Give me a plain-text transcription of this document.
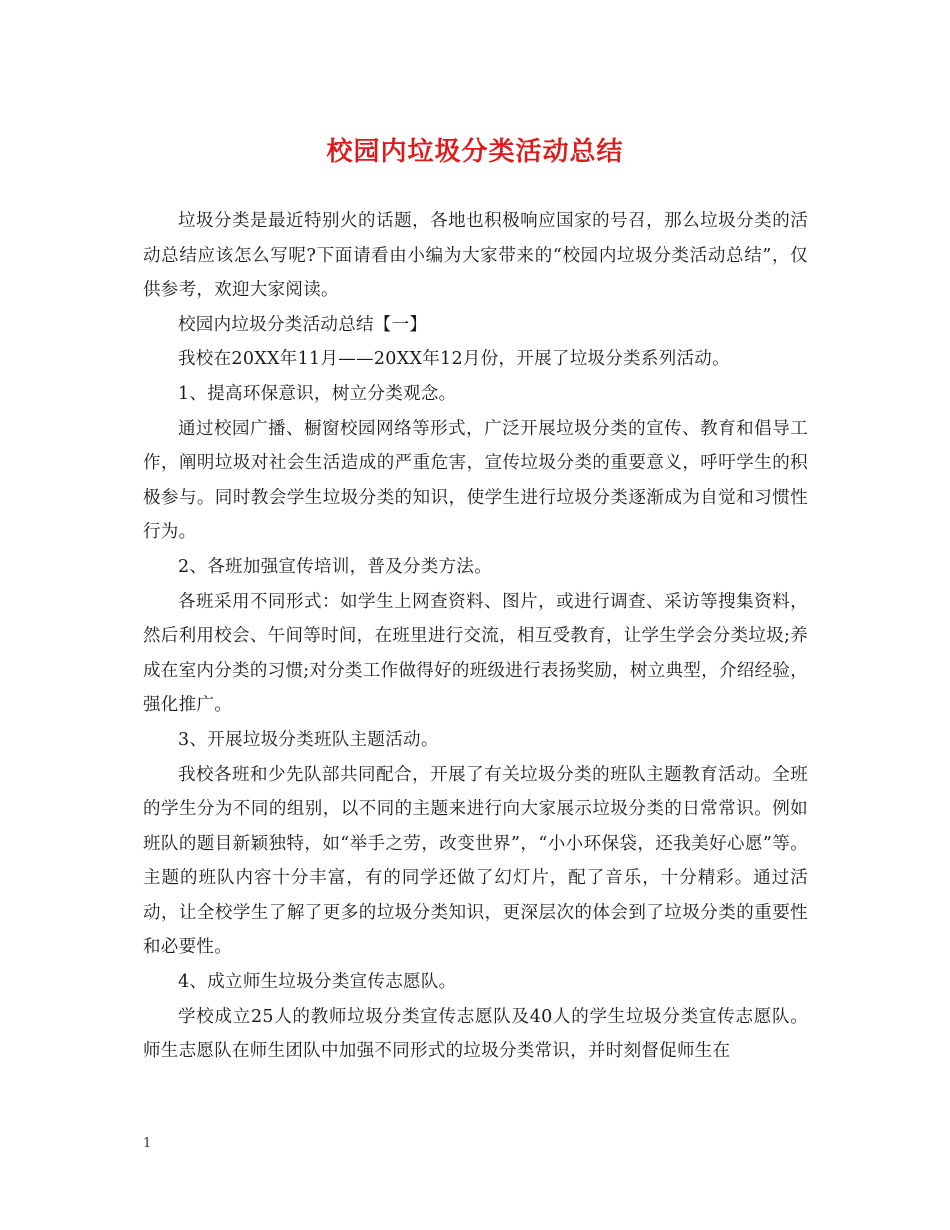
校园内垃圾分类活动总结

垃圾分类是最近特别火的话题，各地也积极响应国家的号召，那么垃圾分类的活动总结应该怎么写呢?下面请看由小编为大家带来的“校园内垃圾分类活动总结”，仅供参考，欢迎大家阅读。

校园内垃圾分类活动总结【一】

我校在20XX年11月——20XX年12月份，开展了垃圾分类系列活动。

1、提高环保意识，树立分类观念。

通过校园广播、橱窗校园网络等形式，广泛开展垃圾分类的宣传、教育和倡导工作，阐明垃圾对社会生活造成的严重危害，宣传垃圾分类的重要意义，呼吁学生的积极参与。同时教会学生垃圾分类的知识，使学生进行垃圾分类逐渐成为自觉和习惯性行为。

2、各班加强宣传培训，普及分类方法。

各班采用不同形式：如学生上网查资料、图片，或进行调查、采访等搜集资料，然后利用校会、午间等时间，在班里进行交流，相互受教育，让学生学会分类垃圾;养成在室内分类的习惯;对分类工作做得好的班级进行表扬奖励，树立典型，介绍经验，强化推广。

3、开展垃圾分类班队主题活动。

我校各班和少先队部共同配合，开展了有关垃圾分类的班队主题教育活动。全班的学生分为不同的组别，以不同的主题来进行向大家展示垃圾分类的日常常识。例如班队的题目新颖独特，如“举手之劳，改变世界”，“小小环保袋，还我美好心愿”等。主题的班队内容十分丰富，有的同学还做了幻灯片，配了音乐，十分精彩。通过活动，让全校学生了解了更多的垃圾分类知识，更深层次的体会到了垃圾分类的重要性和必要性。

4、成立师生垃圾分类宣传志愿队。

学校成立25人的教师垃圾分类宣传志愿队及40人的学生垃圾分类宣传志愿队。师生志愿队在师生团队中加强不同形式的垃圾分类常识，并时刻督促师生在

1
